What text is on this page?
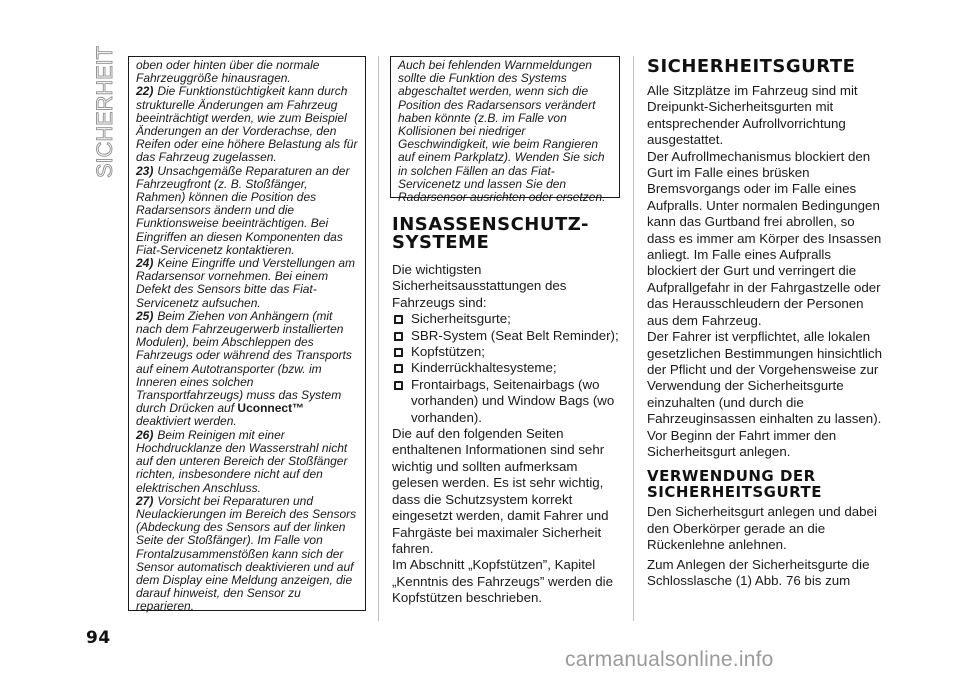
SICHERHEIT
94

oben oder hinten über die normale Fahrzeuggröße hinausragen.

22) Die Funktionstüchtigkeit kann durch strukturelle Änderungen am Fahrzeug beeinträchtigt werden, wie zum Beispiel Änderungen an der Vorderachse, den Reifen oder eine höhere Belastung als für das Fahrzeug zugelassen.

23) Unsachgemäße Reparaturen an der Fahrzeugfront (z. B. Stoßfänger, Rahmen) können die Position des Radarsensors ändern und die Funktionsweise beeinträchtigen. Bei Eingriffen an diesen Komponenten das Fiat-Servicenetz kontaktieren.

24) Keine Eingriffe und Verstellungen am Radarsensor vornehmen. Bei einem Defekt des Sensors bitte das Fiat-Servicenetz aufsuchen.

25) Beim Ziehen von Anhängern (mit nach dem Fahrzeugerwerb installierten Modulen), beim Abschleppen des Fahrzeugs oder während des Transports auf einem Autotransporter (bzw. im Inneren eines solchen Transportfahrzeugs) muss das System durch Drücken auf Uconnect™ deaktiviert werden.

26) Beim Reinigen mit einer Hochdrucklanze den Wasserstrahl nicht auf den unteren Bereich der Stoßfänger richten, insbesondere nicht auf den elektrischen Anschluss.

27) Vorsicht bei Reparaturen und Neulackierungen im Bereich des Sensors (Abdeckung des Sensors auf der linken Seite der Stoßfänger). Im Falle von Frontalzusammenstößen kann sich der Sensor automatisch deaktivieren und auf dem Display eine Meldung anzeigen, die darauf hinweist, den Sensor zu reparieren.

Auch bei fehlenden Warnmeldungen sollte die Funktion des Systems abgeschaltet werden, wenn sich die Position des Radarsensors verändert haben könnte (z.B. im Falle von Kollisionen bei niedriger Geschwindigkeit, wie beim Rangieren auf einem Parkplatz). Wenden Sie sich in solchen Fällen an das Fiat-Servicenetz und lassen Sie den Radarsensor ausrichten oder ersetzen.

INSASSENSCHUTZ-
SYSTEME

Die wichtigsten Sicherheitsausstattungen des Fahrzeugs sind:

Sicherheitsgurte;
SBR-System (Seat Belt Reminder);
Kopfstützen;
Kinderrückhaltesysteme;
Frontairbags, Seitenairbags (wo vorhanden) und Window Bags (wo vorhanden).

Die auf den folgenden Seiten enthaltenen Informationen sind sehr wichtig und sollten aufmerksam gelesen werden. Es ist sehr wichtig, dass die Schutzsystem korrekt eingesetzt werden, damit Fahrer und Fahrgäste bei maximaler Sicherheit fahren.

Im Abschnitt „Kopfstützen”, Kapitel „Kenntnis des Fahrzeugs” werden die Kopfstützen beschrieben.

SICHERHEITSGURTE

Alle Sitzplätze im Fahrzeug sind mit Dreipunkt-Sicherheitsgurten mit entsprechender Aufrollvorrichtung ausgestattet.

Der Aufrollmechanismus blockiert den Gurt im Falle eines brüsken Bremsvorgangs oder im Falle eines Aufpralls. Unter normalen Bedingungen kann das Gurtband frei abrollen, so dass es immer am Körper des Insassen anliegt. Im Falle eines Aufpralls blockiert der Gurt und verringert die Aufprallgefahr in der Fahrgastzelle oder das Herausschleudern der Personen aus dem Fahrzeug.

Der Fahrer ist verpflichtet, alle lokalen gesetzlichen Bestimmungen hinsichtlich der Pflicht und der Vorgehensweise zur Verwendung der Sicherheitsgurte einzuhalten (und durch die Fahrzeuginsassen einhalten zu lassen).

Vor Beginn der Fahrt immer den Sicherheitsgurt anlegen.

VERWENDUNG DER
SICHERHEITSGURTE

Den Sicherheitsgurt anlegen und dabei den Oberkörper gerade an die Rückenlehne anlehnen.

Zum Anlegen der Sicherheitsgurte die Schlosslasche (1) Abb. 76 bis zum

carmanualsonline.info
